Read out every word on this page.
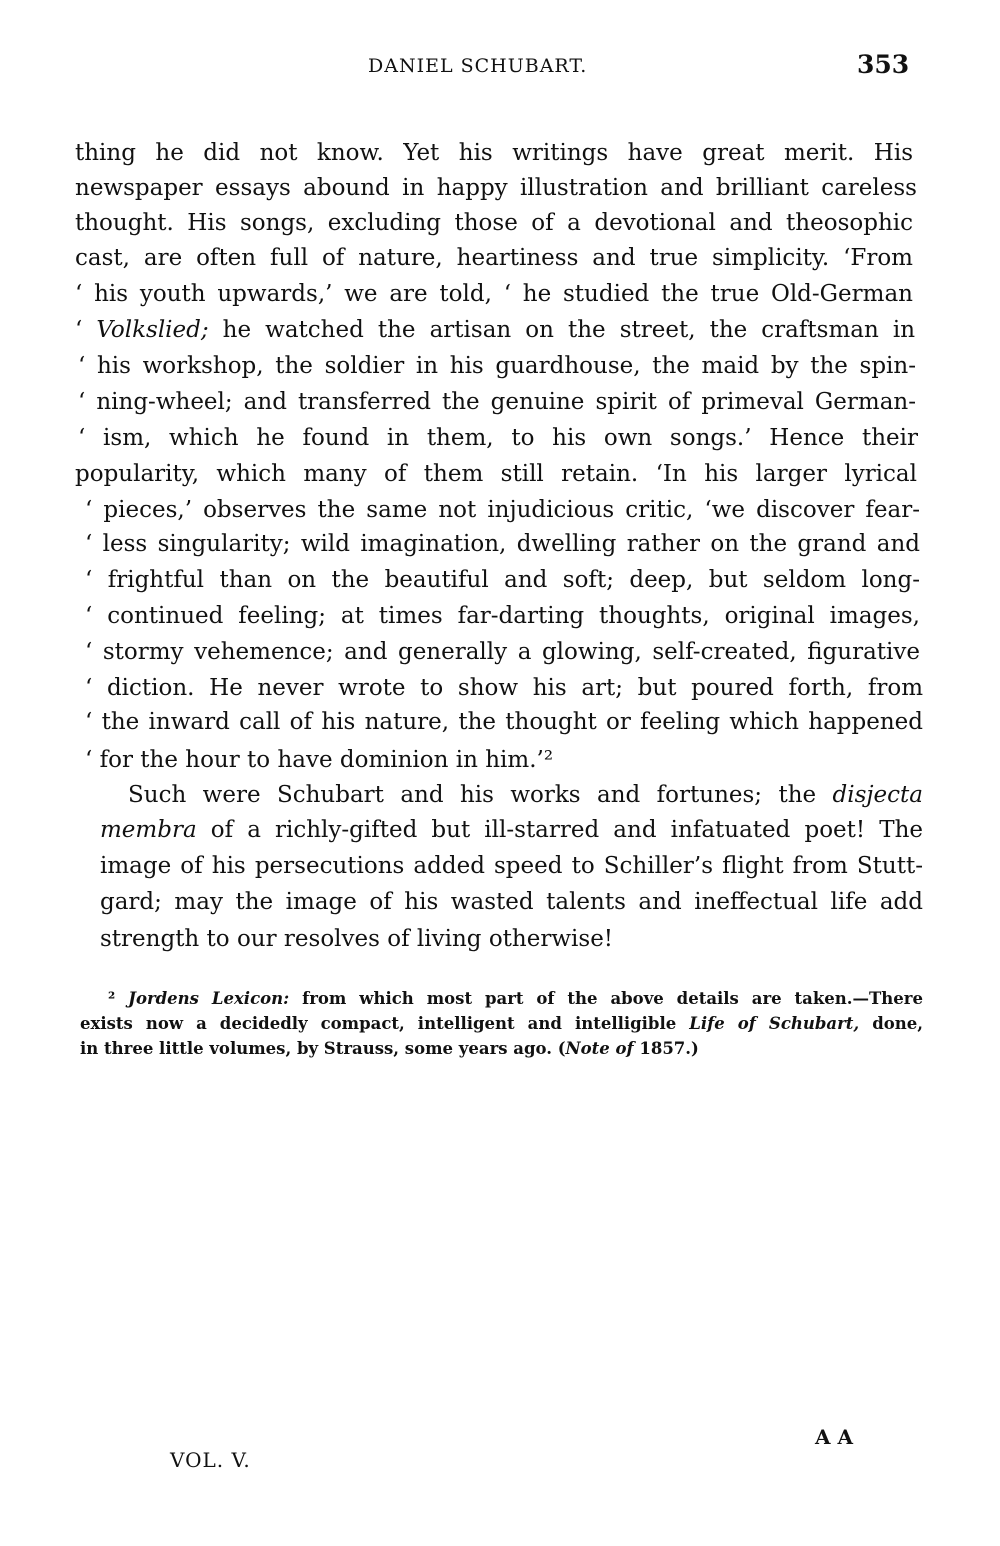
DANIEL SCHUBART.	353
thing he did not know. Yet his writings have great merit. His
newspaper essays abound in happy illustration and brilliant careless
thought. His songs, excluding those of a devotional and theosophic
cast, are often full of nature, heartiness and true simplicity. ‘From
‘ his youth upwards,’ we are told, ‘ he studied the true Old-German
‘ Volkslied; he watched the artisan on the street, the craftsman in
‘ his workshop, the soldier in his guardhouse, the maid by the spin-
‘ ning-wheel; and transferred the genuine spirit of primeval German-
‘ ism, which he found in them, to his own songs.’ Hence their
popularity, which many of them still retain. ‘In his larger lyrical
‘ pieces,’ observes the same not injudicious critic, ‘we discover fear-
‘ less singularity; wild imagination, dwelling rather on the grand and
‘ frightful than on the beautiful and soft; deep, but seldom long-
‘ continued feeling; at times far-darting thoughts, original images,
‘ stormy vehemence; and generally a glowing, self-created, figurative
‘ diction. He never wrote to show his art; but poured forth, from
‘ the inward call of his nature, the thought or feeling which happened
‘ for the hour to have dominion in him.’²
Such were Schubart and his works and fortunes; the disjecta
membra of a richly-gifted but ill-starred and infatuated poet! The
image of his persecutions added speed to Schiller’s flight from Stutt-
gard; may the image of his wasted talents and ineffectual life add
strength to our resolves of living otherwise!
² Jordens Lexicon: from which most part of the above details are taken.—There
exists now a decidedly compact, intelligent and intelligible Life of Schubart, done,
in three little volumes, by Strauss, some years ago. (Note of 1857.)
VOL. V.
A A
